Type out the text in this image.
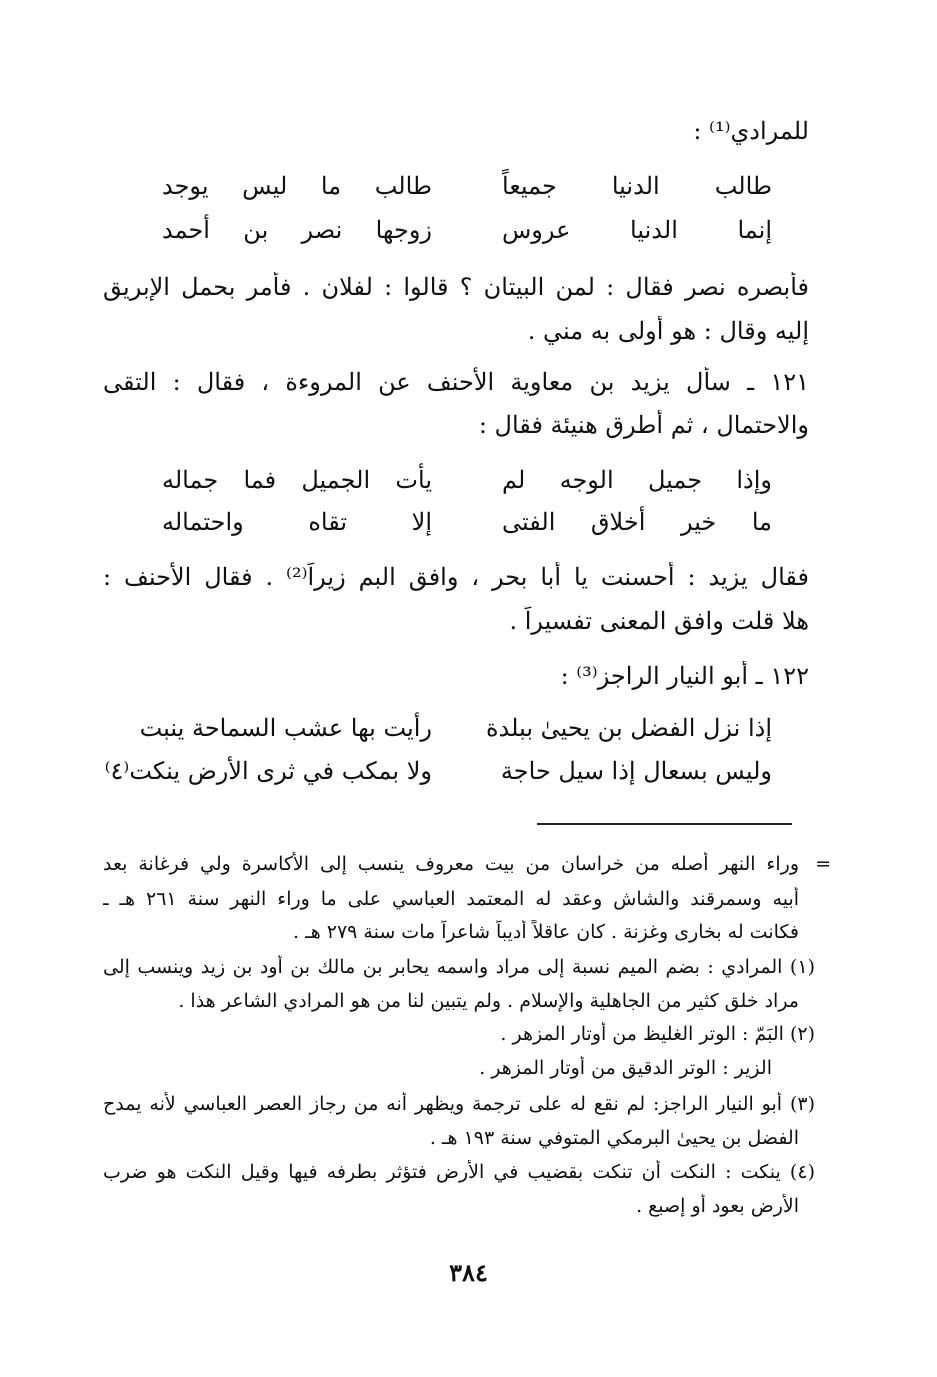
للمرادي⁽¹⁾ :
طالب الدنيا جميعاً
طالب ما ليس يوجد
إنما الدنيا عروس
زوجها نصر بن أحمد
فأبصره نصر فقال : لمن البيتان ؟ قالوا : لفلان . فأمر بحمل الإبريق
إليه وقال : هو أولى به مني .
١٢١ ـ سأل يزيد بن معاوية الأحنف عن المروءة ، فقال : التقى
والاحتمال ، ثم أطرق هنيئة فقال :
وإذا جميل الوجه لم
يأت الجميل فما جماله
ما خير أخلاق الفتى
إلا تقاه واحتماله
فقال يزيد : أحسنت يا أبا بحر ، وافق البم زيراً⁽²⁾ . فقال الأحنف :
هلا قلت وافق المعنى تفسيراً .
١٢٢ ـ أبو النيار الراجز⁽³⁾ :
إذا نزل الفضل بن يحيىٰ ببلدة
رأيت بها عشب السماحة ينبت
وليس بسعال إذا سيل حاجة
ولا بمكب في ثرى الأرض ينكت⁽٤⁾
=
وراء النهر أصله من خراسان من بيت معروف ينسب إلى الأكاسرة ولي فرغانة بعد
أبيه وسمرقند والشاش وعقد له المعتمد العباسي على ما وراء النهر سنة ٢٦١ هـ ـ
فكانت له بخارى وغزنة . كان عاقلاً أديباً شاعراً مات سنة ٢٧٩ هـ .
(١) المرادي : بضم الميم نسبة إلى مراد واسمه يحابر بن مالك بن أود بن زيد وينسب إلى
مراد خلق كثير من الجاهلية والإسلام . ولم يتبين لنا من هو المرادي الشاعر هذا .
(٢) البَمّ : الوتر الغليظ من أوتار المزهر .
الزير : الوتر الدقيق من أوتار المزهر .
(٣) أبو النيار الراجز: لم نقع له على ترجمة ويظهر أنه من رجاز العصر العباسي لأنه يمدح
الفضل بن يحيىٰ البرمكي المتوفي سنة ١٩٣ هـ .
(٤) ينكت : النكت أن تنكت بقضيب في الأرض فتؤثر بطرفه فيها وقيل النكت هو ضرب
الأرض بعود أو إصبع .
٣٨٤
